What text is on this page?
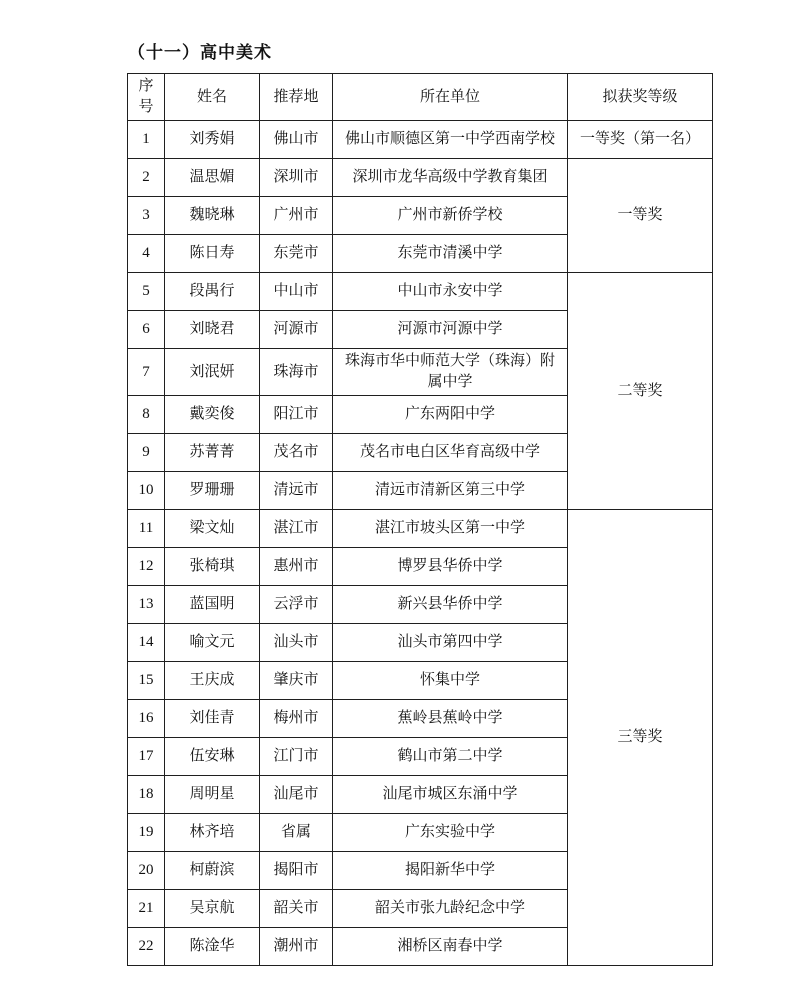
（十一）高中美术
序号	姓名	推荐地	所在单位	拟获奖等级
1	刘秀娟	佛山市	佛山市顺德区第一中学西南学校	一等奖（第一名）
2	温思媚	深圳市	深圳市龙华高级中学教育集团	一等奖
3	魏晓琳	广州市	广州市新侨学校	
4	陈日寿	东莞市	东莞市清溪中学	
5	段禺行	中山市	中山市永安中学	二等奖
6	刘晓君	河源市	河源市河源中学	
7	刘泯妍	珠海市	珠海市华中师范大学（珠海）附属中学	
8	戴奕俊	阳江市	广东两阳中学	
9	苏菁菁	茂名市	茂名市电白区华育高级中学	
10	罗珊珊	清远市	清远市清新区第三中学	
11	梁文灿	湛江市	湛江市坡头区第一中学	三等奖
12	张椅琪	惠州市	博罗县华侨中学	
13	蓝国明	云浮市	新兴县华侨中学	
14	喻文元	汕头市	汕头市第四中学	
15	王庆成	肇庆市	怀集中学	
16	刘佳青	梅州市	蕉岭县蕉岭中学	
17	伍安琳	江门市	鹤山市第二中学	
18	周明星	汕尾市	汕尾市城区东涌中学	
19	林齐培	省属	广东实验中学	
20	柯蔚滨	揭阳市	揭阳新华中学	
21	吴京航	韶关市	韶关市张九龄纪念中学	
22	陈淦华	潮州市	湘桥区南春中学	
